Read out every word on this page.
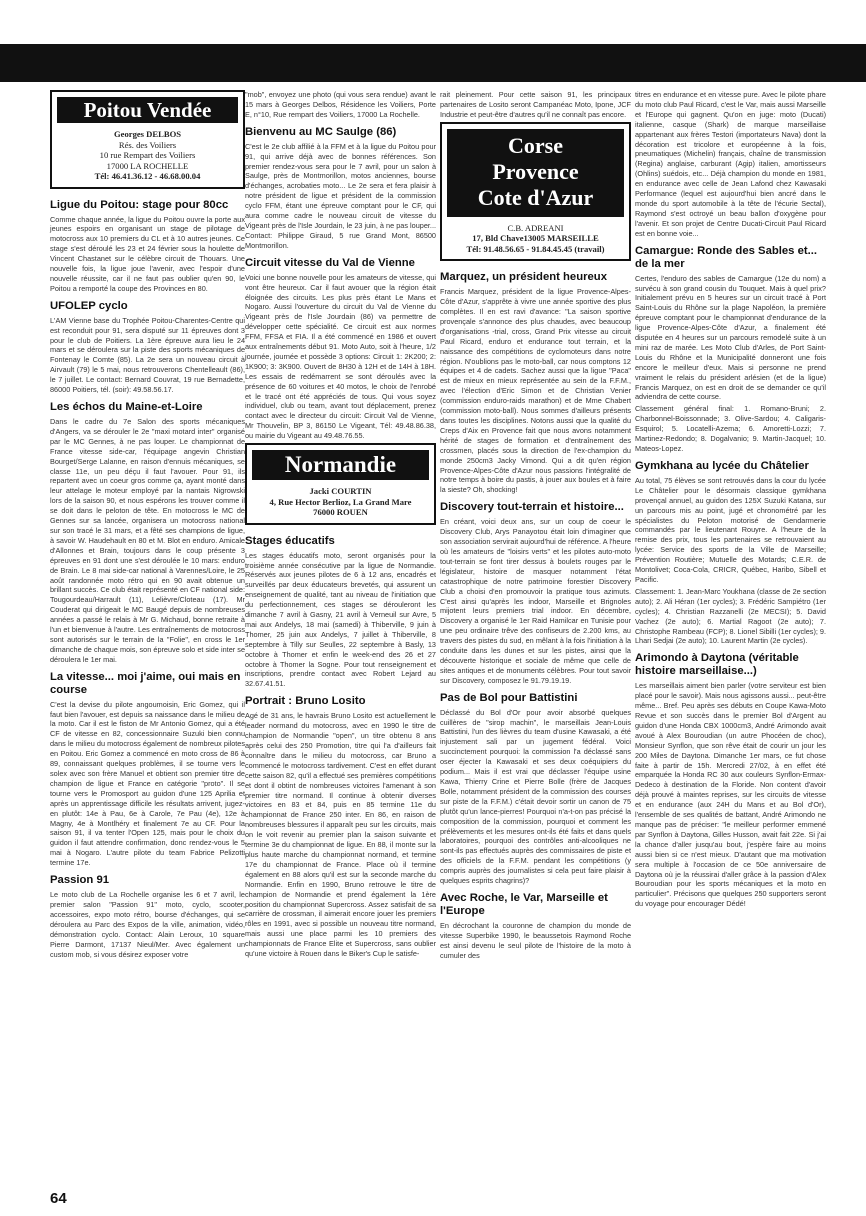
Poitou Vendée
Georges DELBOS
Rés. des Voiliers
10 rue Rempart des Voiliers
17000 LA ROCHELLE
Tél: 46.41.36.12 - 46.68.00.04
Ligue du Poitou: stage pour 80cc

Comme chaque année, la ligue du Poitou ouvre la porte aux jeunes espoirs en organisant un stage de pilotage de motocross aux 10 premiers du CL et à 10 autres jeunes. Ce stage s'est déroulé les 23 et 24 février sous la houlette de Vincent Chastanet sur le célèbre circuit de Thouars. Une nouvelle fois, la ligue joue l'avenir, avec l'espoir d'une nouvelle réussite, car il ne faut pas oublier qu'en 90, le Poitou a remporté la coupe des Provinces en 80.

UFOLEP cyclo

L'AM Vienne base du Trophée Poitou-Charentes-Centre qui est reconduit pour 91, sera disputé sur 11 épreuves dont 3 pour le club de Poitiers. La 1ère épreuve aura lieu le 24 mars et se déroulera sur la piste des sports mécaniques de Fontenay le Comte (85). La 2e sera un nouveau circuit à Airvault (79) le 5 mai, nous retrouverons Chentelleault (86), le 7 juillet. Le contact: Bernard Couvrat, 19 rue Bernadette, 86000 Poitiers, tél. (soir): 49.58.56.17.

Les échos du Maine-et-Loire

Dans le cadre du 7e Salon des sports mécaniques d'Angers, va se dérouler le 2e "maxi motard inter" organisé par le MC Gennes, à ne pas louper. Le championnat de France vitesse side-car, l'équipage angevin Christian Bourget/Serge Lalanne, en raison d'ennuis mécaniques, se classe 11e, un peu déçu il faut l'avouer. Pour 91, ils repartent avec un coeur gros comme ça, ayant monté dans leur attelage le moteur employé par la nantais Nigrowski lors de la saison 90, et nous espérons les trouver comme il se doit dans le peloton de tête. En motocross le MC de Gennes sur sa lancée, organisera un motocross national sur son tracé le 31 mars, et a fêté ses champions de ligue, à savoir W. Haudehault en 80 et M. Blot en enduro. Amicale d'Allonnes et Brain, toujours dans le coup présente 3 épreuves en 91 dont une s'est déroulée le 10 mars: enduro de Brain. Le 8 mai side-car national à Varennes/Loire, le 25 août randonnée moto rétro qui en 90 avait obtenue un brillant succès. Ce club était représenté en CF national side: Tougourdeau/Harrault (11), Lelièvre/Cloteau (17). Mr Couderat qui dirigeait le MC Baugé depuis de nombreuses années a passé le relais à Mr G. Michaud, bonne retraite à l'un et bienvenue à l'autre. Les entraînements de motocross sont autorisés sur le terrain de la "Folie", en cross le 1er dimanche de chaque mois, son épreuve solo et side inter se déroulera le 1er mai.

La vitesse... moi j'aime, oui mais en course

C'est la devise du pilote angoumoisin, Eric Gomez, qui il faut bien l'avouer, est depuis sa naissance dans le milieu de la moto. Car il est le fiston de Mr Antonio Gomez, qui a été CF de vitesse en 82, concessionnaire Suzuki bien connu dans le milieu du motocross également de nombreux pilotes en Poitou. Eric Gomez a commencé en moto cross de 86 à 89, connaissant quelques problèmes, il se tourne vers le solex avec son frère Manuel et obtient son premier titre de champion de ligue et France en catégorie "proto". Il se tourne vers le Promosport au guidon d'une 125 Aprilia et après un apprentissage difficile les résultats arrivent, jugez-en plutôt: 14e à Pau, 6e à Carole, 7e Pau (4e), 12e à Magny, 4e à Montlhéry et finalement 7e au CF. Pour la saison 91, il va tenter l'Open 125, mais pour le choix du guidon il faut attendre confirmation, donc rendez-vous le 5 mai à Nogaro. L'autre pilote du team Fabrice Pelizotti termine 17e.

Passion 91

Le moto club de La Rochelle organise les 6 et 7 avril, le premier salon "Passion 91" moto, cyclo, scooter, accessoires, expo moto rétro, bourse d'échanges, qui se déroulera au Parc des Expos de la ville, animation, vidéo, démonstration cyclo. Contact: Alain Leroux, 10 square Pierre Darmont, 17137 Nieul/Mer. Avec également un custom mob, si vous désirez exposer votre

"mob", envoyez une photo (qui vous sera rendue) avant le 15 mars à Georges Delbos, Résidence les Voiliers, Porte E, n°10, Rue rempart des Voiliers, 17000 La Rochelle.

Bienvenu au MC Saulge (86)

C'est le 2e club affilié à la FFM et à la ligue du Poitou pour 91, qui arrive déjà avec de bonnes références. Son premier rendez-vous sera pour le 7 avril, pour un salon à Saulge, près de Montmorillon, motos anciennes, bourse d'échanges, acrobaties moto... Le 2e sera et fera plaisir à notre président de ligue et président de la commission cyclo FFM, étant une épreuve comptant pour le CF, qui aura comme cadre le nouveau circuit de vitesse du Vigeant près de l'Isle Jourdain, le 23 juin, à ne pas louper... Contact: Philippe Giraud, 5 rue Grand Mont, 86500 Montmorillon.

Circuit vitesse du Val de Vienne

Voici une bonne nouvelle pour les amateurs de vitesse, qui vont être heureux. Car il faut avouer que la région était éloignée des circuits. Les plus près étant Le Mans et Nogaro. Aussi l'ouverture du circuit du Val de Vienne du Vigeant près de l'Isle Jourdain (86) va permettre de développer cette spécialité. Ce circuit est aux normes FFM, FFSA et FIA. Il a été commencé en 1986 et ouvert aux entraînements début 91. Moto Auto, soit à l'heure, 1/2 journée, journée et possède 3 options: Circuit 1: 2K200; 2: 1K900; 3: 3K900. Ouvert de 8H30 à 12H et de 14H à 18H. Les essais de redémarrent se sont déroulés avec la présence de 60 voitures et 40 motos, le choix de l'enrobé et le tracé ont été appréciés de tous. Qui vous soyez individuel, club ou team, avant tout déplacement, prenez contact avec le directeur du circuit: Circuit Val de Vienne, Mr Thouvelin, BP 3, 86150 Le Vigeant, Tél: 49.48.86.38, ou mairie du Vigeant au 49.48.76.55.

Normandie
Jacki COURTIN
4, Rue Hector Berlioz, La Grand Mare
76000 ROUEN
Stages éducatifs

Les stages éducatifs moto, seront organisés pour la troisième année consécutive par la ligue de Normandie. Réservés aux jeunes pilotes de 6 à 12 ans, encadrés et surveillés par deux éducateurs brevetés, qui assurent un enseignement de qualité, tant au niveau de l'initiation que du perfectionnement, ces stages se dérouleront les dimanche 7 avril à Gasny, 21 avril à Verneuil sur Avre, 5 mai aux Andelys, 18 mai (samedi) à Thiberville, 9 juin à Thomer, 25 juin aux Andelys, 7 juillet à Thiberville, 8 septembre à Tilly sur Seulles, 22 septembre à Basly, 13 octobre à Thomer et enfin le week-end des 26 et 27 octobre à Thomer la Sogne. Pour tout renseignement et inscriptions, prendre contact avec Robert Lejard au 32.67.41.51.

Portrait : Bruno Losito

Agé de 31 ans, le havrais Bruno Losito est actuellement le leader normand du motocross, avec en 1990 le titre de champion de Normandie "open", un titre obtenu 8 ans après celui des 250 Promotion, titre qui l'a d'ailleurs fait connaître dans le milieu du motocross, car Bruno a commencé le motocross tardivement. C'est en effet durant cette saison 82, qu'il a effectué ses premières compétitions et dont il obtint de nombreuses victoires l'amenant à son premier titre normand. Il continue à obtenir diverses victoires en 83 et 84, puis en 85 termine 11e du championnat de France 250 inter. En 86, en raison de nombreuses blessures il apparaît peu sur les circuits, mais on le voit revenir au premier plan la saison suivante et termine 3e du championnat de ligue. En 88, il monte sur la plus haute marche du championnat normand, et termine 17e du championnat de France. Place où il termine également en 88 alors qu'il est sur la seconde marche du Normandie. Enfin en 1990, Bruno retrouve le titre de champion de Normandie et prend également la 1ère position du championnat Supercross. Assez satisfait de sa carrière de crossman, il aimerait encore jouer les premiers rôles en 1991, avec si possible un nouveau titre normand, mais aussi une place parmi les 10 premiers des championnats de France Elite et Supercross, sans oublier qu'une victoire à Rouen dans le Biker's Cup le satisfe-

rait pleinement. Pour cette saison 91, les principaux partenaires de Losito seront Campanéac Moto, Ipone, JCF Industrie et peut-être d'autres qu'il ne connaît pas encore.

Corse
Provence
Cote d'Azur
C.B. ADREANI
17, Bld Chave13005 MARSEILLE
Tél: 91.48.56.65 - 91.84.45.45 (travail)
Marquez, un président heureux

Francis Marquez, président de la ligue Provence-Alpes-Côte d'Azur, s'apprête à vivre une année sportive des plus complètes. Il en est ravi d'avance: "La saison sportive provençale s'annonce des plus chaudes, avec beaucoup d'organisations -trial, cross, Grand Prix vitesse au circuit Paul Ricard, enduro et endurance tout terrain, et la naissance des compétitions de cyclomoteurs dans notre région. N'oublions pas le moto-ball, car nous comptons 12 équipes et 4 de cadets. Sachez aussi que la ligue "Paca" est de mieux en mieux représentée au sein de la F.F.M., avec l'élection d'Eric Simon et de Christian Venier (commission enduro-raids marathon) et de Mme Chabert (commission moto-ball). Nous sommes d'ailleurs présents dans toutes les disciplines. Notons aussi que la qualité du Creps d'Aix en Provence fait que nous avons notamment hérité de stages de formation et d'entraînement des crossmen, placés sous la direction de l'ex-champion du monde 250cm3 Jacky Vimond. Qui a dit qu'en région Provence-Alpes-Côte d'Azur nous passions l'intégralité de notre temps à boire du pastis, à jouer aux boules et à faire la sieste? Oh, shocking!

Discovery tout-terrain et histoire...

En créant, voici deux ans, sur un coup de coeur le Discovery Club, Arys Panayotou était loin d'imaginer que son association servirait aujourd'hui de référence. A l'heure où les amateurs de "loisirs verts" et les pilotes auto-moto tout-terrain se font tirer dessus à boulets rouges par le législateur, histoire de masquer notamment l'état catastrophique de notre patrimoine forestier Discovery Club a choisi d'en promouvoir la pratique tous azimuts. C'est ainsi qu'après les indoor, Marseille et Brignoles mijotent leurs premiers trial indoor. En décembre, Discovery a organisé le 1er Raid Hamilcar en Tunisie pour une peu ordinaire trêve des confiseurs de 2.200 kms, au travers des pistes du sud, en mêlant à la fois l'initiation à la conduite dans les dunes et sur les pistes, ainsi que la découverte historique et sociale de même que celle de sites antiques et de monuments célèbres. Pour tout savoir sur Discovery, composez le 91.79.19.19.

Pas de Bol pour Battistini

Déclassé du Bol d'Or pour avoir absorbé quelques cuillères de "sirop machin", le marseillais Jean-Louis Battistini, l'un des lièvres du team d'usine Kawasaki, a été injustement sali par un jugement fédéral. Voici succinctement pourquoi: la commission l'a déclassé sans oser éjecter la Kawasaki et ses deux coéquipiers du podium... Mais il est vrai que déclasser l'équipe usine Kawa, Thierry Crine et Pierre Bolle (frère de Jacques Bolle, notamment président de la commission des courses sur piste de la F.F.M.) c'était devoir sortir un canon de 75 plutôt qu'un lance-pierres! Pourquoi n'a-t-on pas précisé la composition de la commission, pourquoi et comment les prélèvements et les mesures ont-ils été faits et dans quels laboratoires, pourquoi des contrôles anti-alcooliques ne sont-ils pas effectués auprès des commissaires de piste et des officiels de la F.F.M. pendant les compétitions (y compris auprès des journalistes si cela peut faire plaisir à quelques esprits chagrins)?

Avec Roche, le Var, Marseille et l'Europe

En décrochant la couronne de champion du monde de vitesse Superbike 1990, le beaussetois Raymond Roche est ainsi devenu le seul pilote de l'histoire de la moto à cumuler des

titres en endurance et en vitesse pure. Avec le pilote phare du moto club Paul Ricard, c'est le Var, mais aussi Marseille et l'Europe qui gagnent. Qu'on en juge: moto (Ducati) italienne, casque (Shark) de marque marseillaise appartenant aux frères Testori (importateurs Nava) dont la décoration est tricolore et européenne à la fois, pneumatiques (Michelin) français, chaîne de transmission (Regina) anglaise, carburant (Agip) italien, amortisseurs (Ohlins) suédois, etc... Déjà champion du monde en 1981, en endurance avec celle de Jean Lafond chez Kawasaki Performance (lequel est aujourd'hui bien ancré dans le monde du sport automobile à la tête de l'écurie Sectal), Raymond s'est octroyé un beau ballon d'oxygène pour l'avenir. Et son projet de Centre Ducati-Circuit Paul Ricard est en bonne voie...

Camargue: Ronde des Sables et... de la mer

Certes, l'enduro des sables de Camargue (12e du nom) a survécu à son grand cousin du Touquet. Mais à quel prix? Initialement prévu en 5 heures sur un circuit tracé à Port Saint-Louis du Rhône sur la plage Napoléon, la première épreuve comptant pour le championnat d'endurance de la ligue Provence-Alpes-Côte d'Azur, a finalement été disputée en 4 heures sur un parcours remodelé suite à un mini raz de marée. Les Moto Club d'Arles, de Port Saint-Louis du Rhône et la Municipalité donneront une fois encore le meilleur d'eux. Mais si personne ne prend vraiment le relais du président arlésien (et de la ligue) Francis Marquez, on est en droit de se demander ce qu'il adviendra de cette course.

Classement général final: 1. Romano-Bruni; 2. Charbonnel-Boissonnade; 3. Olive-Sardou; 4. Caligaris-Esquirol; 5. Locatelli-Azema; 6. Amoretti-Lozzi; 7. Martinez-Redondo; 8. Dogalvanio; 9. Martin-Jacquel; 10. Mateos-Lopez.

Gymkhana au lycée du Châtelier

Au total, 75 élèves se sont retrouvés dans la cour du lycée Le Châtelier pour le désormais classique gymkhana provençal annuel, au guidon des 125X Suzuki Katana, sur un parcours mis au point, jugé et chronométré par les spécialistes du Peloton motorisé de Gendarmerie commandés par le lieutenant Rouyre. A l'heure de la remise des prix, tous les partenaires se retrouvaient au lycée: Service des sports de la Ville de Marseille; Prévention Routière; Mutuelle des Motards; C.E.R. de Montolivet; Coca-Cola, CRICR, Québec, Haribo, Sibell et Pacific.

Classement: 1. Jean-Marc Youkhana (classe de 2e section auto); 2. Ali Héran (1er cycles); 3. Frédéric Sampiétro (1er cycles); 4. Christian Razzanelli (2e MECSI); 5. David Vachez (2e auto); 6. Martial Ragoot (2e auto); 7. Christophe Rambeau (FCP); 8. Lionel Sibilli (1er cycles); 9. Lhari Sedjai (2e auto); 10. Laurent Martin (2e cycles).

Arimondo à Daytona (véritable histoire marseillaise...)

Les marseillais aiment bien parler (votre serviteur est bien placé pour le savoir). Mais nous agissons aussi... peut-être même... Bref. Peu après ses débuts en Coupe Kawa-Moto Revue et son succès dans le premier Bol d'Argent au guidon d'une Honda CBX 1000cm3, André Arimondo avait avoué à Alex Bouroudian (un autre Phocéen de choc), Monsieur Synflon, que son rêve était de courir un jour les 200 Miles de Daytona. Dimanche 1er mars, ce fut chose faite à partir de 15h. Mercredi 27/02, à en effet été emparquée la Honda RC 30 aux couleurs Synflon-Ermax-Dedeco à destination de la Floride. Non content d'avoir déjà prouvé à maintes reprises, sur les circuits de vitesse et en endurance (aux 24H du Mans et au Bol d'Or), l'ensemble de ses qualités de battant, André Arimondo ne manque pas de préciser: "le meilleur performer emmené par Synflon à Daytona, Gilles Husson, avait fait 22e. Si j'ai la chance d'aller jusqu'au bout, j'espère faire au moins aussi bien si ce n'est mieux. D'autant que ma motivation sera multiple à l'occasion de ce 50e anniversaire de Daytona où je la réussirai d'aller grâce à la passion d'Alex Bouroudian pour les sports mécaniques et la moto en particulier". Précisons que quelques 250 supporters seront du voyage pour encourager Dédé!

64
